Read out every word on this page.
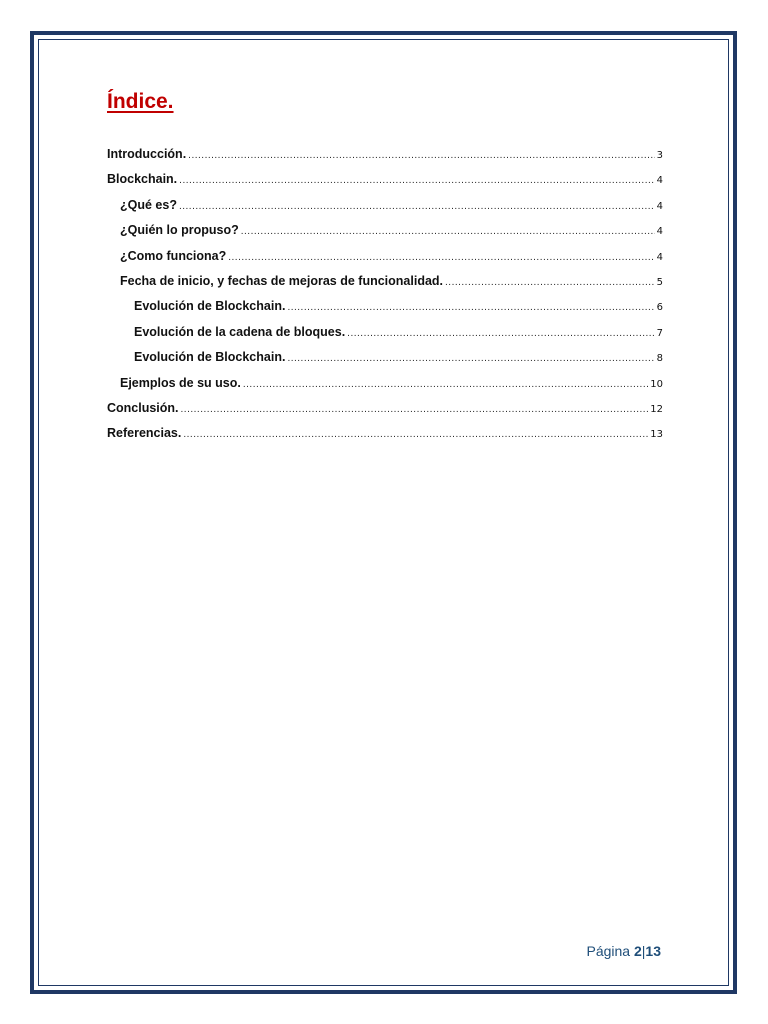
Índice.
Introducción. .....	3
Blockchain. .....	4
¿Qué es? .....	4
¿Quién lo propuso? .....	4
¿Como funciona? .....	4
Fecha de inicio, y fechas de mejoras de funcionalidad. .....	5
Evolución de Blockchain. .....	6
Evolución de la cadena de bloques. .....	7
Evolución de Blockchain. .....	8
Ejemplos de su uso. .....	10
Conclusión. .....	12
Referencias. .....	13
Página 2|13
